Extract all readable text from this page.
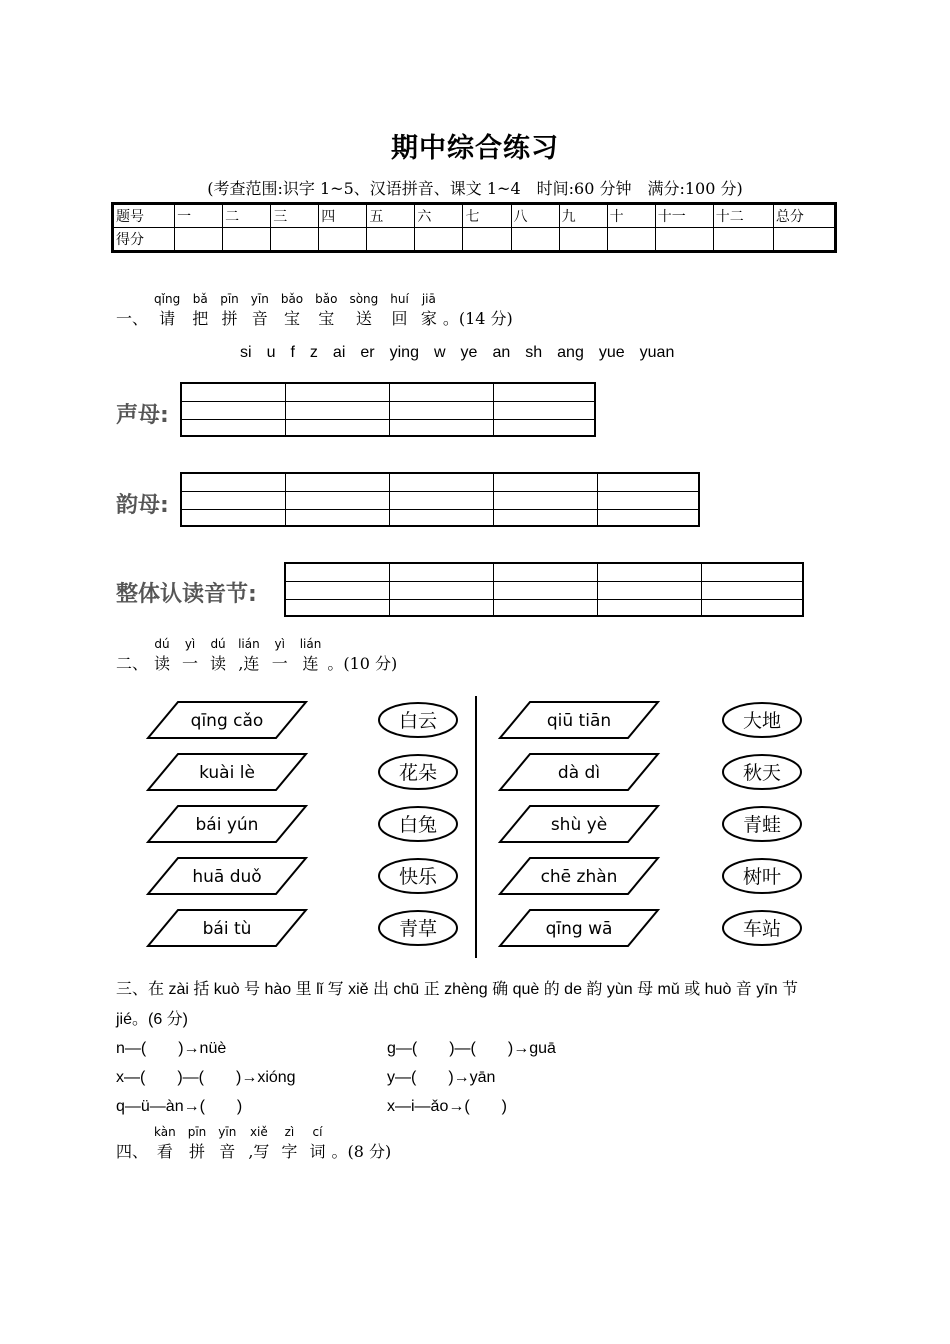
期中综合练习
(考查范围:识字 1~5、汉语拼音、课文 1~4　时间:60 分钟　满分:100 分)
题号	一	二	三	四	五	六	七	八	九	十	十一	十二	总分
得分													
一、
qǐng
请
bǎ
把
pīn
拼
yīn
音
bǎo
宝
bǎo
宝
sòng
送
huí
回
jiā
家 。(14 分)
si u f z ai er ying w ye an sh ang yue yuan
声母:
韵母:
整体认读音节:
二、
dú
读
yì
一
dú
读
lián
,连
yì
一
lián
连 。(10 分)
qīng cǎo
kuài lè
bái yún
huā duǒ
bái tù
白云
花朵
白兔
快乐
青草
qiū tiān
dà dì
shù yè
chē zhàn
qīng wā
大地
秋天
青蛙
树叶
车站
三、在 zài 括 kuò 号 hào 里 lǐ 写 xiě 出 chū 正 zhèng 确 què 的 de 韵 yùn 母 mǔ 或 huò 音 yīn 节
jié。(6 分)
n—(　　)→nüè	g—(　　)—(　　)→guā
x—(　　)—(　　)→xióng	y—(　　)→yān
q—ü—àn→(　　)	x—i—ǎo→(　　)
四、
kàn
看
pīn
拼
yīn
音
xiě
,写
zì
字
cí
词 。(8 分)
